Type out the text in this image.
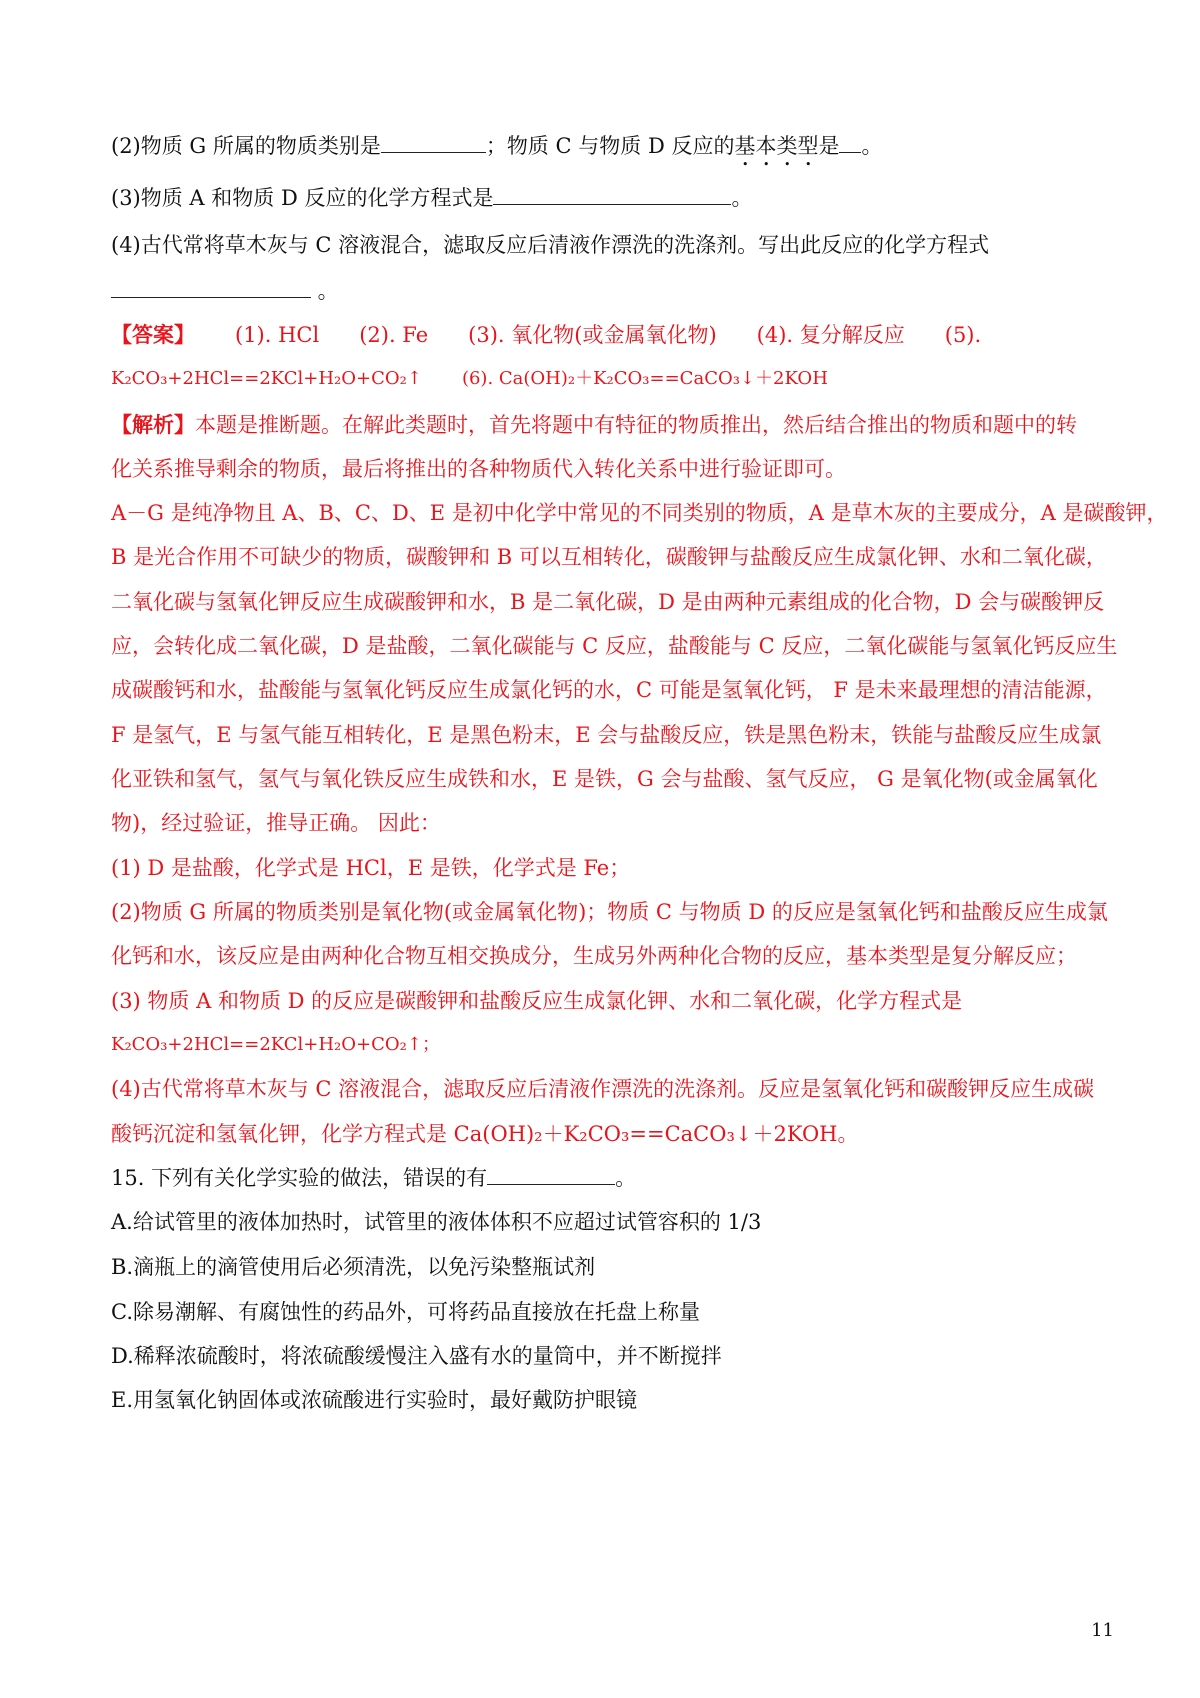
(2)物质 G 所属的物质类别是	；物质 C 与物质 D 反应的基本类型是 。
(3)物质 A 和物质 D 反应的化学方程式是	。
(4)古代常将草木灰与 C 溶液混合，滤取反应后清液作漂洗的洗涤剂。写出此反应的化学方程式
。
【答案】 (1). HCl (2). Fe (3). 氧化物(或金属氧化物) (4). 复分解反应 (5).
K₂CO₃+2HCl==2KCl+H₂O+CO₂↑ (6). Ca(OH)₂＋K₂CO₃==CaCO₃↓＋2KOH
【解析】本题是推断题。在解此类题时，首先将题中有特征的物质推出，然后结合推出的物质和题中的转
化关系推导剩余的物质，最后将推出的各种物质代入转化关系中进行验证即可。
A－G 是纯净物且 A、B、C、D、E 是初中化学中常见的不同类别的物质，A 是草木灰的主要成分，A 是碳酸钾，
B 是光合作用不可缺少的物质，碳酸钾和 B 可以互相转化，碳酸钾与盐酸反应生成氯化钾、水和二氧化碳，
二氧化碳与氢氧化钾反应生成碳酸钾和水，B 是二氧化碳，D 是由两种元素组成的化合物，D 会与碳酸钾反
应，会转化成二氧化碳，D 是盐酸，二氧化碳能与 C 反应，盐酸能与 C 反应，二氧化碳能与氢氧化钙反应生
成碳酸钙和水，盐酸能与氢氧化钙反应生成氯化钙的水，C 可能是氢氧化钙， F 是未来最理想的清洁能源，
F 是氢气，E 与氢气能互相转化，E 是黑色粉末，E 会与盐酸反应，铁是黑色粉末，铁能与盐酸反应生成氯
化亚铁和氢气，氢气与氧化铁反应生成铁和水，E 是铁，G 会与盐酸、氢气反应， G 是氧化物(或金属氧化
物)，经过验证，推导正确。 因此：
(1) D 是盐酸，化学式是 HCl，E 是铁，化学式是 Fe；
(2)物质 G 所属的物质类别是氧化物(或金属氧化物)；物质 C 与物质 D 的反应是氢氧化钙和盐酸反应生成氯
化钙和水，该反应是由两种化合物互相交换成分，生成另外两种化合物的反应，基本类型是复分解反应；
(3) 物质 A 和物质 D 的反应是碳酸钾和盐酸反应生成氯化钾、水和二氧化碳，化学方程式是
K₂CO₃+2HCl==2KCl+H₂O+CO₂↑；
(4)古代常将草木灰与 C 溶液混合，滤取反应后清液作漂洗的洗涤剂。反应是氢氧化钙和碳酸钾反应生成碳
酸钙沉淀和氢氧化钾，化学方程式是 Ca(OH)₂＋K₂CO₃==CaCO₃↓＋2KOH。
15. 下列有关化学实验的做法，错误的有	。
A.给试管里的液体加热时，试管里的液体体积不应超过试管容积的 1/3
B.滴瓶上的滴管使用后必须清洗，以免污染整瓶试剂
C.除易潮解、有腐蚀性的药品外，可将药品直接放在托盘上称量
D.稀释浓硫酸时，将浓硫酸缓慢注入盛有水的量筒中，并不断搅拌
E.用氢氧化钠固体或浓硫酸进行实验时，最好戴防护眼镜
11
